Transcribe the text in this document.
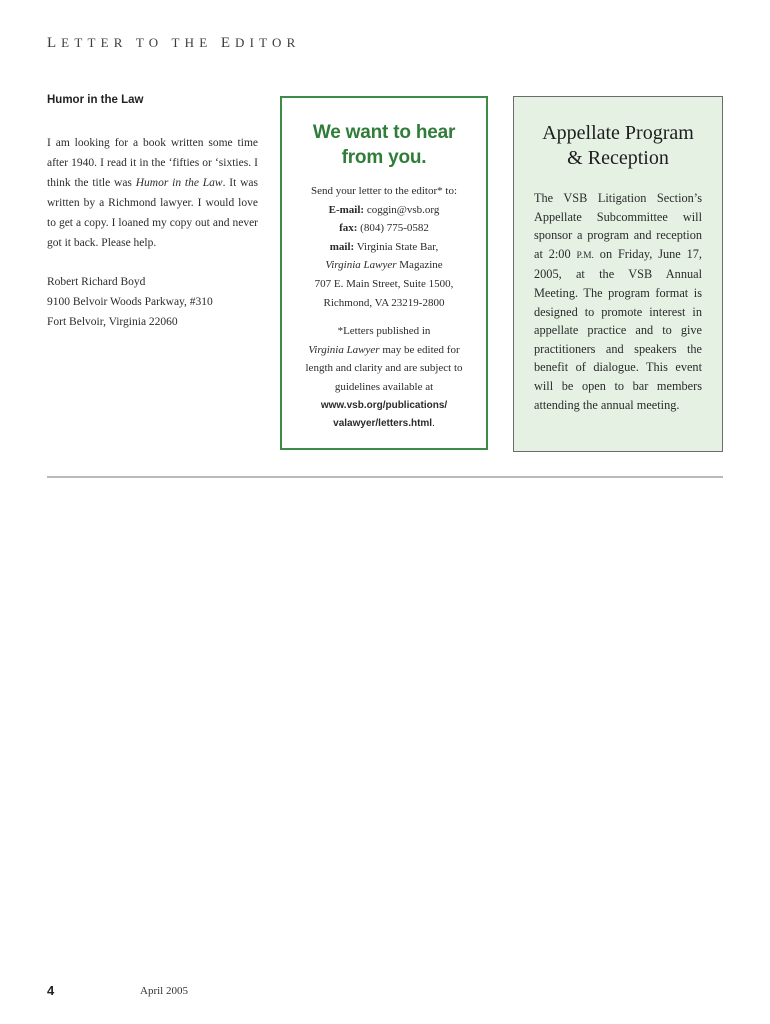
LETTER TO THE EDITOR
Humor in the Law

I am looking for a book written some time after 1940. I read it in the ‘fifties or ‘sixties. I think the title was Humor in the Law. It was written by a Richmond lawyer. I would love to get a copy. I loaned my copy out and never got it back. Please help.

Robert Richard Boyd
9100 Belvoir Woods Parkway, #310
Fort Belvoir, Virginia 22060
We want to hear from you.
Send your letter to the editor* to:
E-mail: coggin@vsb.org
fax: (804) 775-0582
mail: Virginia State Bar,
Virginia Lawyer Magazine
707 E. Main Street, Suite 1500,
Richmond, VA 23219-2800
*Letters published in
Virginia Lawyer may be edited for length and clarity and are subject to guidelines available at
www.vsb.org/publications/
valawyer/letters.html.
Appellate Program
& Reception

The VSB Litigation Section’s Appellate Subcommittee will sponsor a program and reception at 2:00 P.M. on Friday, June 17, 2005, at the VSB Annual Meeting. The program format is designed to promote interest in appellate practice and to give practitioners and speakers the benefit of dialogue. This event will be open to bar members attending the annual meeting.

4	April 2005
